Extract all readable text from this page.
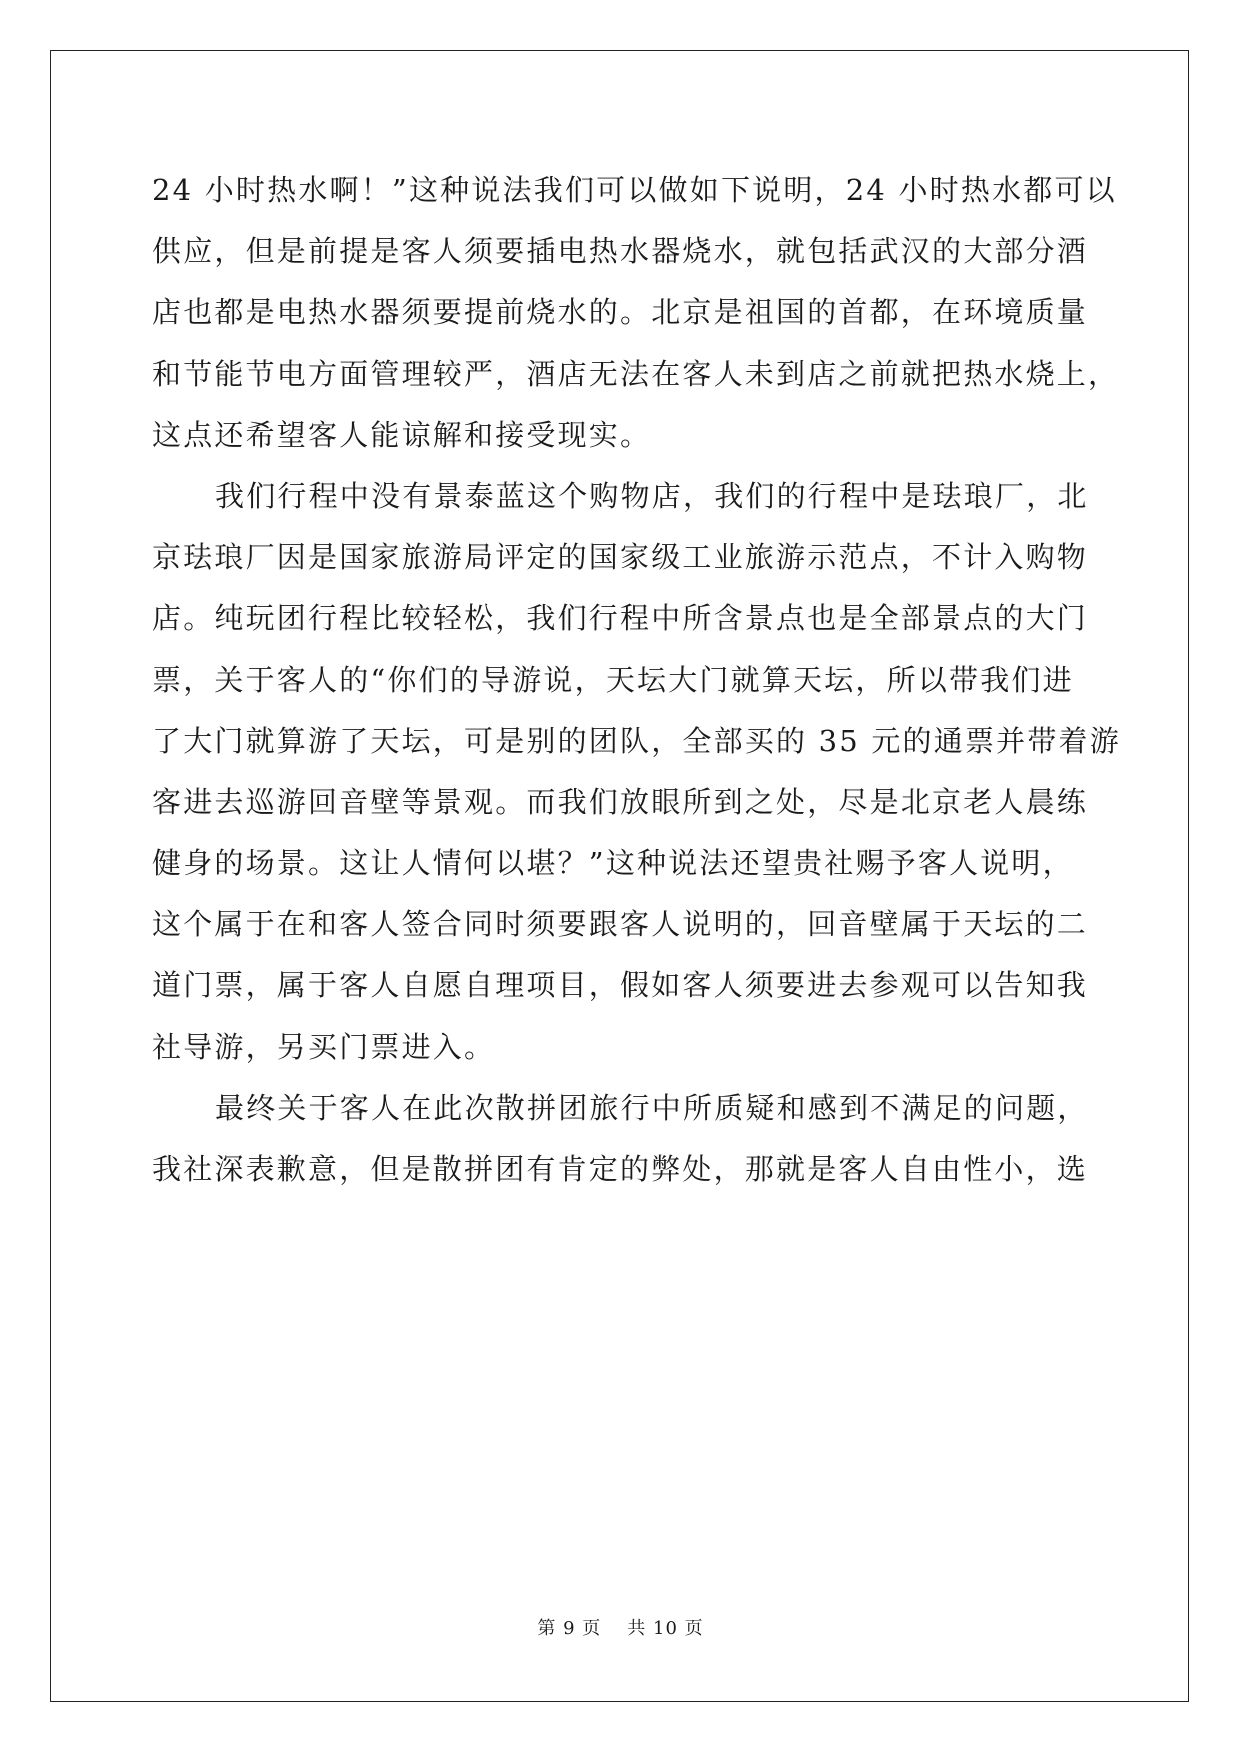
24 小时热水啊！”这种说法我们可以做如下说明，24 小时热水都可以
供应，但是前提是客人须要插电热水器烧水，就包括武汉的大部分酒
店也都是电热水器须要提前烧水的。北京是祖国的首都，在环境质量
和节能节电方面管理较严，酒店无法在客人未到店之前就把热水烧上，
这点还希望客人能谅解和接受现实。
我们行程中没有景泰蓝这个购物店，我们的行程中是珐琅厂，北
京珐琅厂因是国家旅游局评定的国家级工业旅游示范点，不计入购物
店。纯玩团行程比较轻松，我们行程中所含景点也是全部景点的大门
票，关于客人的“你们的导游说，天坛大门就算天坛，所以带我们进
了大门就算游了天坛，可是别的团队，全部买的 35 元的通票并带着游
客进去巡游回音壁等景观。而我们放眼所到之处，尽是北京老人晨练
健身的场景。这让人情何以堪？”这种说法还望贵社赐予客人说明，
这个属于在和客人签合同时须要跟客人说明的，回音壁属于天坛的二
道门票，属于客人自愿自理项目，假如客人须要进去参观可以告知我
社导游，另买门票进入。
最终关于客人在此次散拼团旅行中所质疑和感到不满足的问题，
我社深表歉意，但是散拼团有肯定的弊处，那就是客人自由性小，选
第 9 页 共 10 页
